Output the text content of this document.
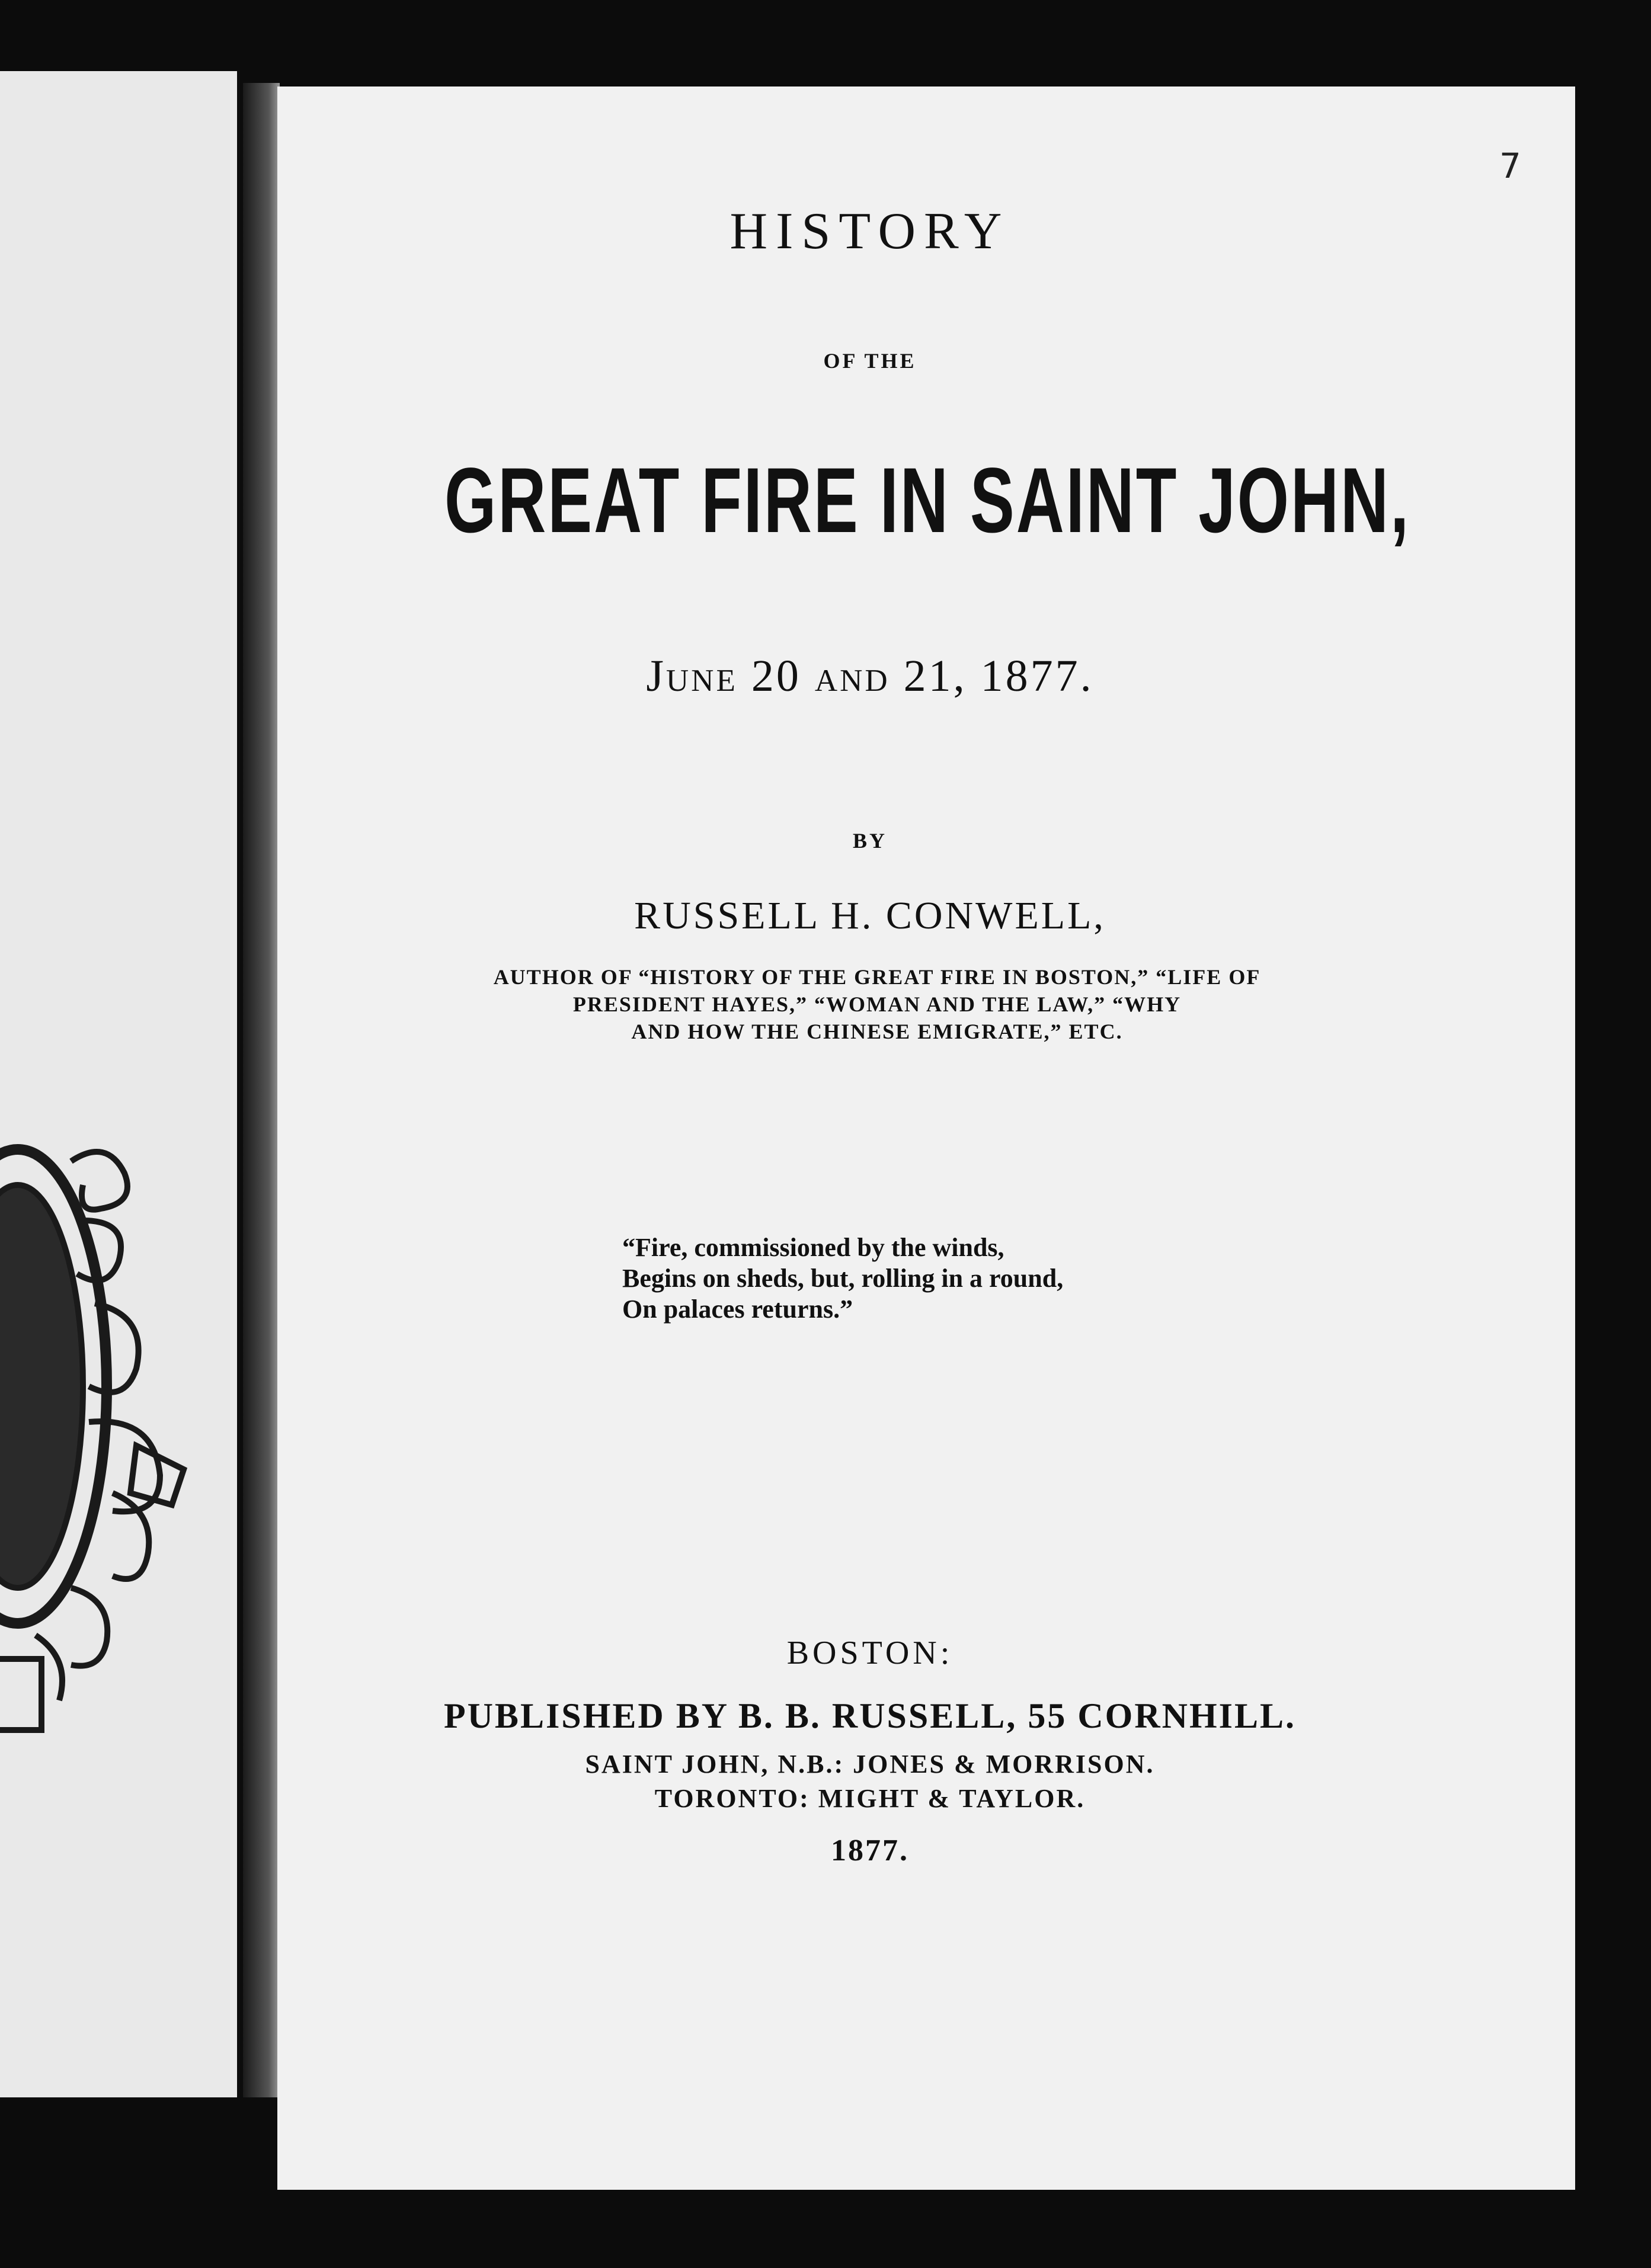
7
HISTORY
OF THE
GREAT FIRE IN SAINT JOHN,
June 20 and 21, 1877.
BY
RUSSELL H. CONWELL,
AUTHOR OF “HISTORY OF THE GREAT FIRE IN BOSTON,” “LIFE OF
PRESIDENT HAYES,” “WOMAN AND THE LAW,” “WHY
AND HOW THE CHINESE EMIGRATE,” ETC.
“Fire, commissioned by the winds,
Begins on sheds, but, rolling in a round,
On palaces returns.”
BOSTON:
PUBLISHED BY B. B. RUSSELL, 55 CORNHILL.
SAINT JOHN, N.B.: JONES & MORRISON.
TORONTO: MIGHT & TAYLOR.
1877.
